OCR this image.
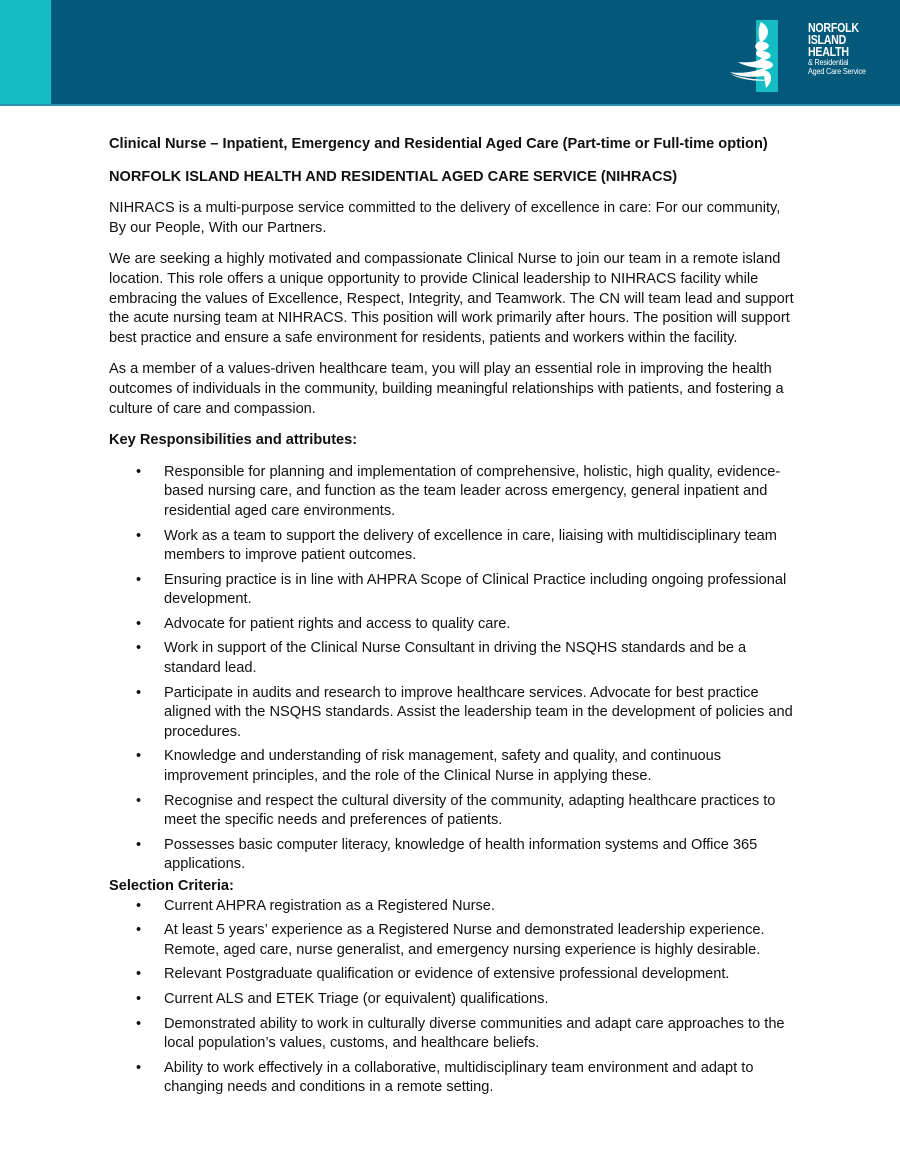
NORFOLK
ISLAND
HEALTH
& Residential
Aged Care Service

Clinical Nurse – Inpatient, Emergency and Residential Aged Care (Part-time or Full-time option)

NORFOLK ISLAND HEALTH AND RESIDENTIAL AGED CARE SERVICE (NIHRACS)

NIHRACS is a multi-purpose service committed to the delivery of excellence in care: For our community, By our People, With our Partners.

We are seeking a highly motivated and compassionate Clinical Nurse to join our team in a remote island location. This role offers a unique opportunity to provide Clinical leadership to NIHRACS facility while embracing the values of Excellence, Respect, Integrity, and Teamwork. The CN will team lead and support the acute nursing team at NIHRACS. This position will work primarily after hours. The position will support best practice and ensure a safe environment for residents, patients and workers within the facility.

As a member of a values-driven healthcare team, you will play an essential role in improving the health outcomes of individuals in the community, building meaningful relationships with patients, and fostering a culture of care and compassion.

Key Responsibilities and attributes:

• Responsible for planning and implementation of comprehensive, holistic, high quality, evidence-based nursing care, and function as the team leader across emergency, general inpatient and residential aged care environments.
• Work as a team to support the delivery of excellence in care, liaising with multidisciplinary team members to improve patient outcomes.
• Ensuring practice is in line with AHPRA Scope of Clinical Practice including ongoing professional development.
• Advocate for patient rights and access to quality care.
• Work in support of the Clinical Nurse Consultant in driving the NSQHS standards and be a standard lead.
• Participate in audits and research to improve healthcare services. Advocate for best practice aligned with the NSQHS standards. Assist the leadership team in the development of policies and procedures.
• Knowledge and understanding of risk management, safety and quality, and continuous improvement principles, and the role of the Clinical Nurse in applying these.
• Recognise and respect the cultural diversity of the community, adapting healthcare practices to meet the specific needs and preferences of patients.
• Possesses basic computer literacy, knowledge of health information systems and Office 365 applications.

Selection Criteria:

• Current AHPRA registration as a Registered Nurse.
• At least 5 years’ experience as a Registered Nurse and demonstrated leadership experience. Remote, aged care, nurse generalist, and emergency nursing experience is highly desirable.
• Relevant Postgraduate qualification or evidence of extensive professional development.
• Current ALS and ETEK Triage (or equivalent) qualifications.
• Demonstrated ability to work in culturally diverse communities and adapt care approaches to the local population’s values, customs, and healthcare beliefs.
• Ability to work effectively in a collaborative, multidisciplinary team environment and adapt to changing needs and conditions in a remote setting.
